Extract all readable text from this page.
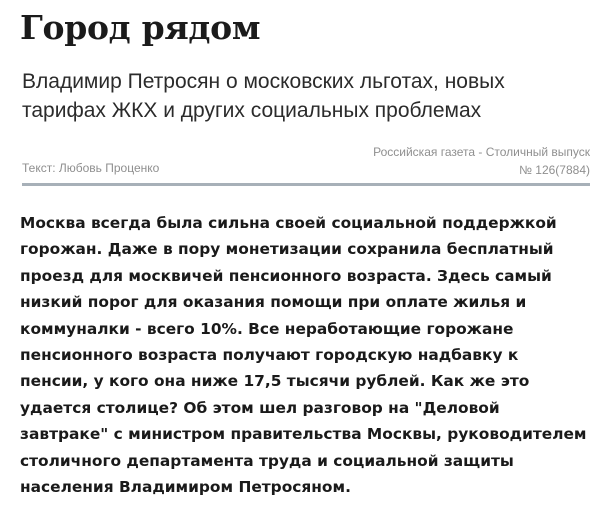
Город рядом
Владимир Петросян о московских льготах, новых тарифах ЖКХ и других социальных проблемах
Текст: Любовь Проценко
Российская газета - Столичный выпуск
№ 126(7884)

Москва всегда была сильна своей социальной поддержкой горожан. Даже в пору монетизации сохранила бесплатный проезд для москвичей пенсионного возраста. Здесь самый низкий порог для оказания помощи при оплате жилья и коммуналки - всего 10%. Все неработающие горожане пенсионного возраста получают городскую надбавку к пенсии, у кого она ниже 17,5 тысячи рублей. Как же это удается столице? Об этом шел разговор на "Деловой завтраке" с министром правительства Москвы, руководителем столичного департамента труда и социальной защиты населения Владимиром Петросяном.
